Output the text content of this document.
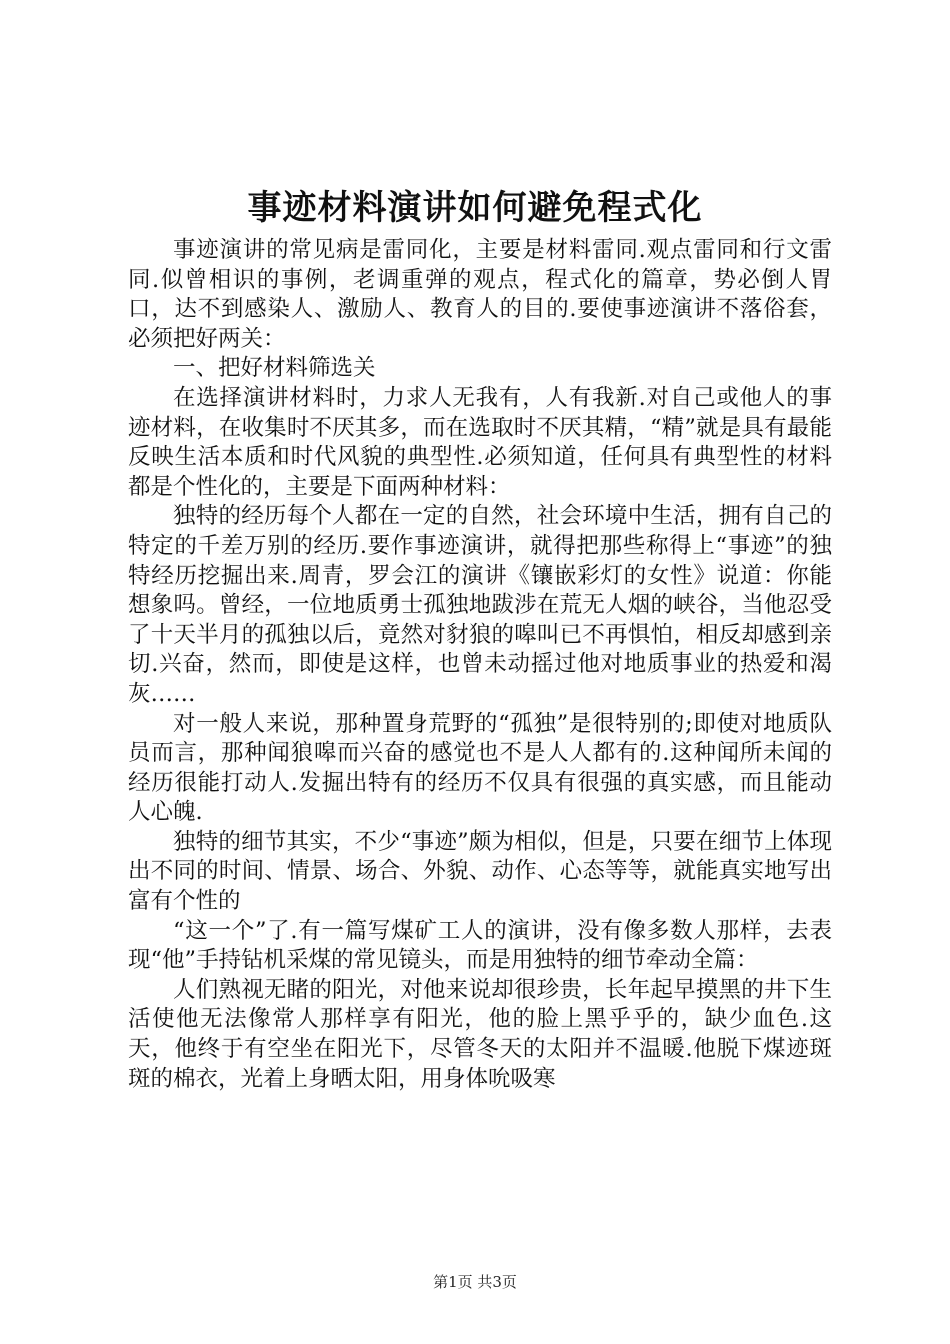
事迹材料演讲如何避免程式化

事迹演讲的常见病是雷同化，主要是材料雷同.观点雷同和行文雷同.似曾相识的事例，老调重弹的观点，程式化的篇章，势必倒人胃口，达不到感染人、激励人、教育人的目的.要使事迹演讲不落俗套，必须把好两关：

一、把好材料筛选关

在选择演讲材料时，力求人无我有，人有我新.对自己或他人的事迹材料，在收集时不厌其多，而在选取时不厌其精，“精”就是具有最能反映生活本质和时代风貌的典型性.必须知道，任何具有典型性的材料都是个性化的，主要是下面两种材料：

独特的经历每个人都在一定的自然，社会环境中生活，拥有自己的特定的千差万别的经历.要作事迹演讲，就得把那些称得上“事迹”的独特经历挖掘出来.周青，罗会江的演讲《镶嵌彩灯的女性》说道：你能想象吗。曾经，一位地质勇士孤独地跋涉在荒无人烟的峡谷，当他忍受了十天半月的孤独以后，竟然对豺狼的嗥叫已不再惧怕，相反却感到亲切.兴奋，然而，即使是这样，也曾未动摇过他对地质事业的热爱和渴灰……

对一般人来说，那种置身荒野的“孤独”是很特别的;即使对地质队员而言，那种闻狼嗥而兴奋的感觉也不是人人都有的.这种闻所未闻的经历很能打动人.发掘出特有的经历不仅具有很强的真实感，而且能动人心魄.

独特的细节其实，不少“事迹”颇为相似，但是，只要在细节上体现出不同的时间、情景、场合、外貌、动作、心态等等，就能真实地写出富有个性的

“这一个”了.有一篇写煤矿工人的演讲，没有像多数人那样，去表现“他”手持钻机采煤的常见镜头，而是用独特的细节牵动全篇：

人们熟视无睹的阳光，对他来说却很珍贵，长年起早摸黑的井下生活使他无法像常人那样享有阳光，他的脸上黑乎乎的，缺少血色.这天，他终于有空坐在阳光下，尽管冬天的太阳并不温暖.他脱下煤迹斑斑的棉衣，光着上身晒太阳，用身体吮吸寒

第1页 共3页
